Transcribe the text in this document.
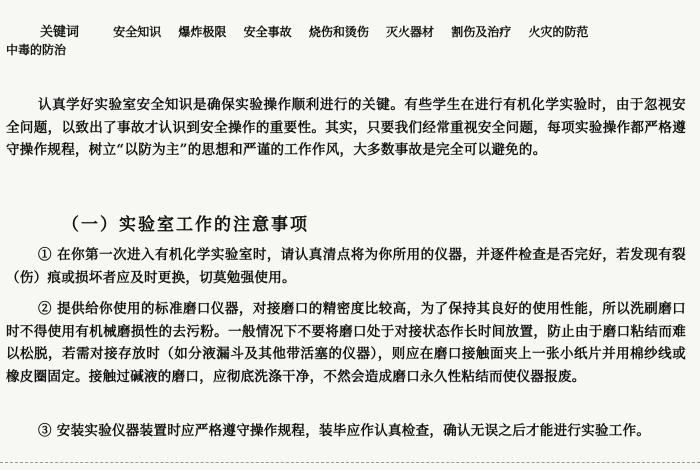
关键词	安全知识 爆炸极限 安全事故 烧伤和烫伤 灭火器材 割伤及治疗 火灾的防范
中毒的防治
认真学好实验室安全知识是确保实验操作顺利进行的关键。有些学生在进行有机化学实验时，由于忽视安全问题，以致出了事故才认识到安全操作的重要性。其实，只要我们经常重视安全问题，每项实验操作都严格遵守操作规程，树立“以防为主”的思想和严谨的工作作风，大多数事故是完全可以避免的。
（一）实验室工作的注意事项
① 在你第一次进入有机化学实验室时，请认真清点将为你所用的仪器，并逐件检查是否完好，若发现有裂（伤）痕或损坏者应及时更换，切莫勉强使用。
② 提供给你使用的标准磨口仪器，对接磨口的精密度比较高，为了保持其良好的使用性能，所以洗刷磨口时不得使用有机械磨损性的去污粉。一般情况下不要将磨口处于对接状态作长时间放置，防止由于磨口粘结而难以松脱，若需对接存放时（如分液漏斗及其他带活塞的仪器），则应在磨口接触面夹上一张小纸片并用棉纱线或橡皮圈固定。接触过碱液的磨口，应彻底洗涤干净，不然会造成磨口永久性粘结而使仪器报废。
③ 安装实验仪器装置时应严格遵守操作规程，装毕应作认真检查，确认无误之后才能进行实验工作。
